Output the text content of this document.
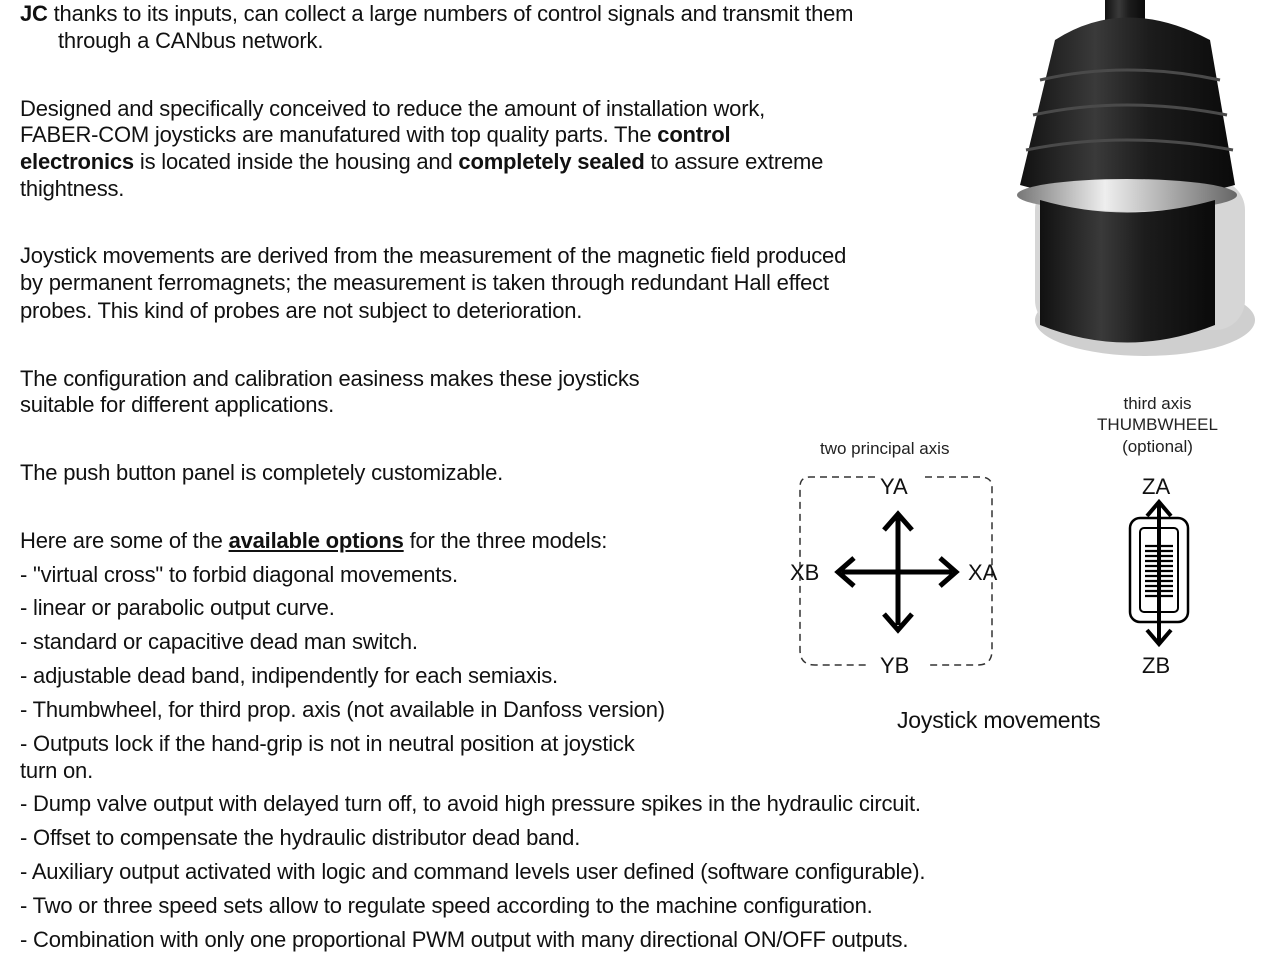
JC thanks to its inputs, can collect a large numbers of control signals and transmit them
through a CANbus network.
Designed and specifically conceived to reduce the amount of installation work,
FABER-COM joysticks are manufatured with top quality parts. The control
electronics is located inside the housing and completely sealed to assure extreme
thightness.
Joystick movements are derived from the measurement of the magnetic field produced
by permanent ferromagnets; the measurement is taken through redundant Hall effect
probes. This kind of probes are not subject to deterioration.
The configuration and calibration easiness makes these joysticks
suitable for different applications.
The push button panel is completely customizable.
Here are some of the available options for the three models:
- "virtual cross" to forbid diagonal movements.
- linear or parabolic output curve.
- standard or capacitive dead man switch.
- adjustable dead band, indipendently for each semiaxis.
- Thumbwheel, for third prop. axis (not available in Danfoss version)
- Outputs lock if the hand-grip is not in neutral position at joystick
turn on.
- Dump valve output with delayed turn off, to avoid high pressure spikes in the hydraulic circuit.
- Offset to compensate the hydraulic distributor dead band.
- Auxiliary output activated with logic and command levels user defined (software configurable).
- Two or three speed sets allow to regulate speed according to the machine configuration.
- Combination with only one proportional PWM output with many directional ON/OFF outputs.
two principal axis
third axis
THUMBWHEEL
(optional)
YA
YB
XB	XA
ZA
ZB
Joystick movements
